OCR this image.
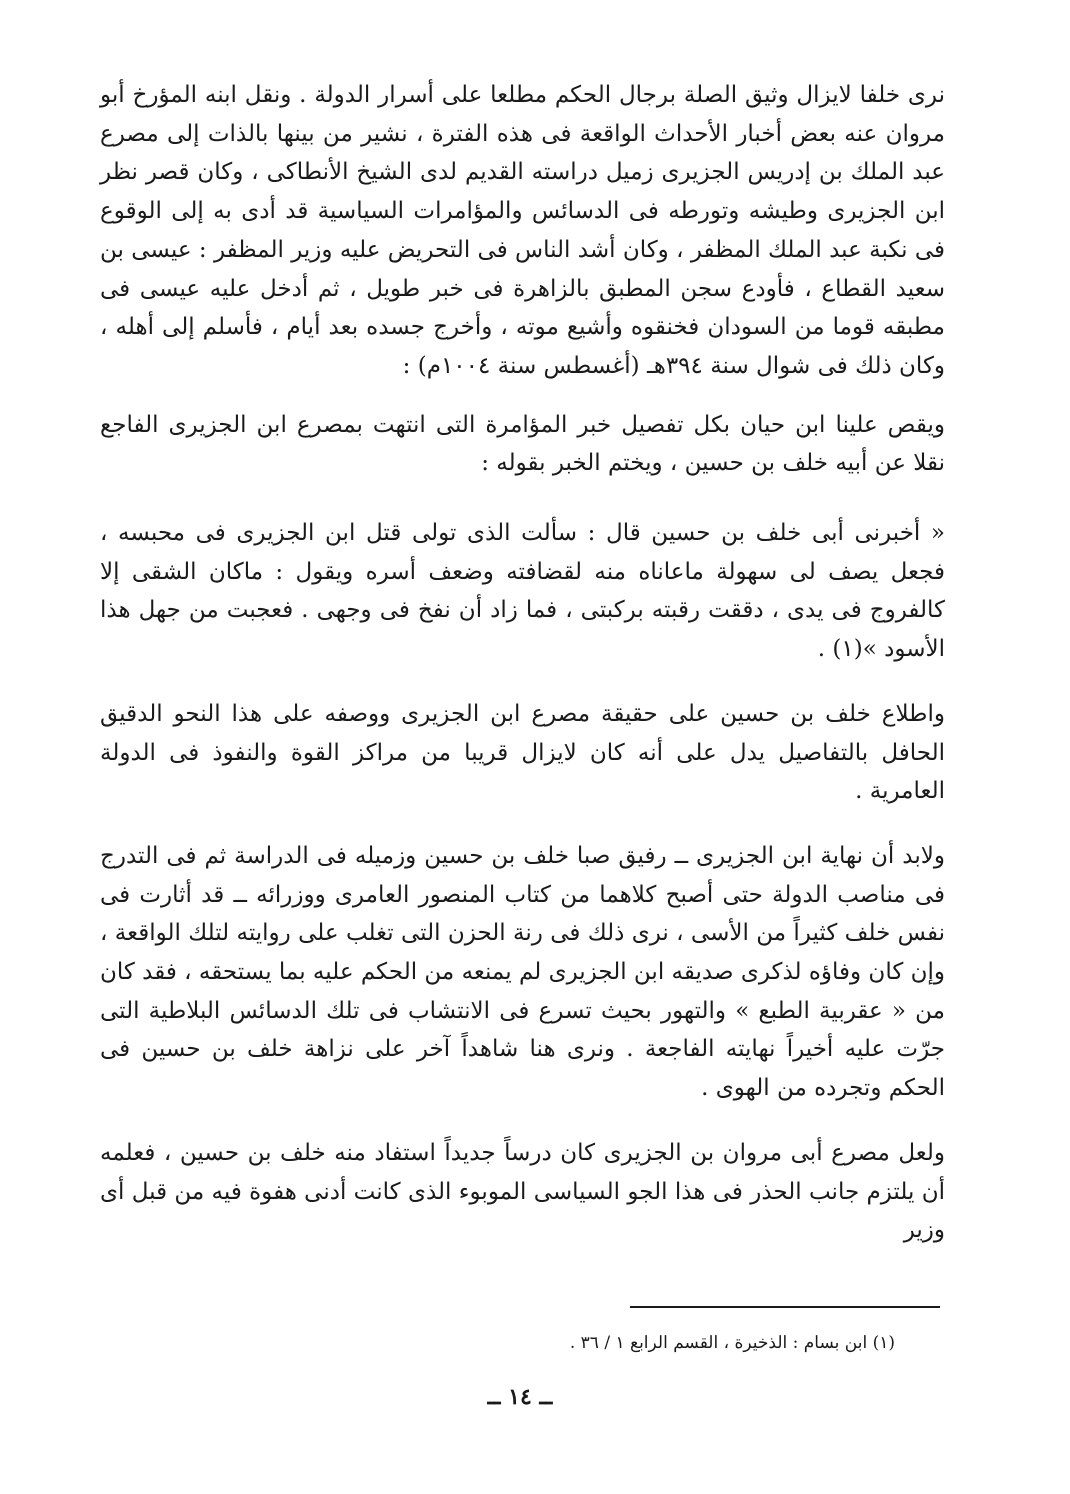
نرى خلفا لايزال وثيق الصلة برجال الحكم مطلعا على أسرار الدولة . ونقل ابنه المؤرخ أبو مروان عنه بعض أخبار الأحداث الواقعة فى هذه الفترة ، نشير من بينها بالذات إلى مصرع عبد الملك بن إدريس الجزيرى زميل دراسته القديم لدى الشيخ الأنطاكى ، وكان قصر نظر ابن الجزيرى وطيشه وتورطه فى الدسائس والمؤامرات السياسية قد أدى به إلى الوقوع فى نكبة عبد الملك المظفر ، وكان أشد الناس فى التحريض عليه وزير المظفر : عيسى بن سعيد القطاع ، فأودع سجن المطبق بالزاهرة فى خبر طويل ، ثم أدخل عليه عيسى فى مطبقه قوما من السودان فخنقوه وأشيع موته ، وأخرج جسده بعد أيام ، فأسلم إلى أهله ، وكان ذلك فى شوال سنة ٣٩٤هـ (أغسطس سنة ١٠٠٤م) :

ويقص علينا ابن حيان بكل تفصيل خبر المؤامرة التى انتهت بمصرع ابن الجزيرى الفاجع نقلا عن أبيه خلف بن حسين ، ويختم الخبر بقوله :

« أخبرنى أبى خلف بن حسين قال : سألت الذى تولى قتل ابن الجزيرى فى محبسه ، فجعل يصف لى سهولة ماعاناه منه لقضافته وضعف أسره ويقول : ماكان الشقى إلا كالفروج فى يدى ، دققت رقبته بركبتى ، فما زاد أن نفخ فى وجهى . فعجبت من جهل هذا الأسود »(١) .

واطلاع خلف بن حسين على حقيقة مصرع ابن الجزيرى ووصفه على هذا النحو الدقيق الحافل بالتفاصيل يدل على أنه كان لايزال قريبا من مراكز القوة والنفوذ فى الدولة العامرية .

ولابد أن نهاية ابن الجزيرى ــ رفيق صبا خلف بن حسين وزميله فى الدراسة ثم فى التدرج فى مناصب الدولة حتى أصبح كلاهما من كتاب المنصور العامرى ووزرائه ــ قد أثارت فى نفس خلف كثيراً من الأسى ، نرى ذلك فى رنة الحزن التى تغلب على روايته لتلك الواقعة ، وإن كان وفاؤه لذكرى صديقه ابن الجزيرى لم يمنعه من الحكم عليه بما يستحقه ، فقد كان من « عقربية الطبع » والتهور بحيث تسرع فى الانتشاب فى تلك الدسائس البلاطية التى جرّت عليه أخيراً نهايته الفاجعة . ونرى هنا شاهداً آخر على نزاهة خلف بن حسين فى الحكم وتجرده من الهوى .

ولعل مصرع أبى مروان بن الجزيرى كان درساً جديداً استفاد منه خلف بن حسين ، فعلمه أن يلتزم جانب الحذر فى هذا الجو السياسى الموبوء الذى كانت أدنى هفوة فيه من قبل أى وزير

(١) ابن بسام : الذخيرة ، القسم الرابع ١ / ٣٦ .
ــ ١٤ ــ
